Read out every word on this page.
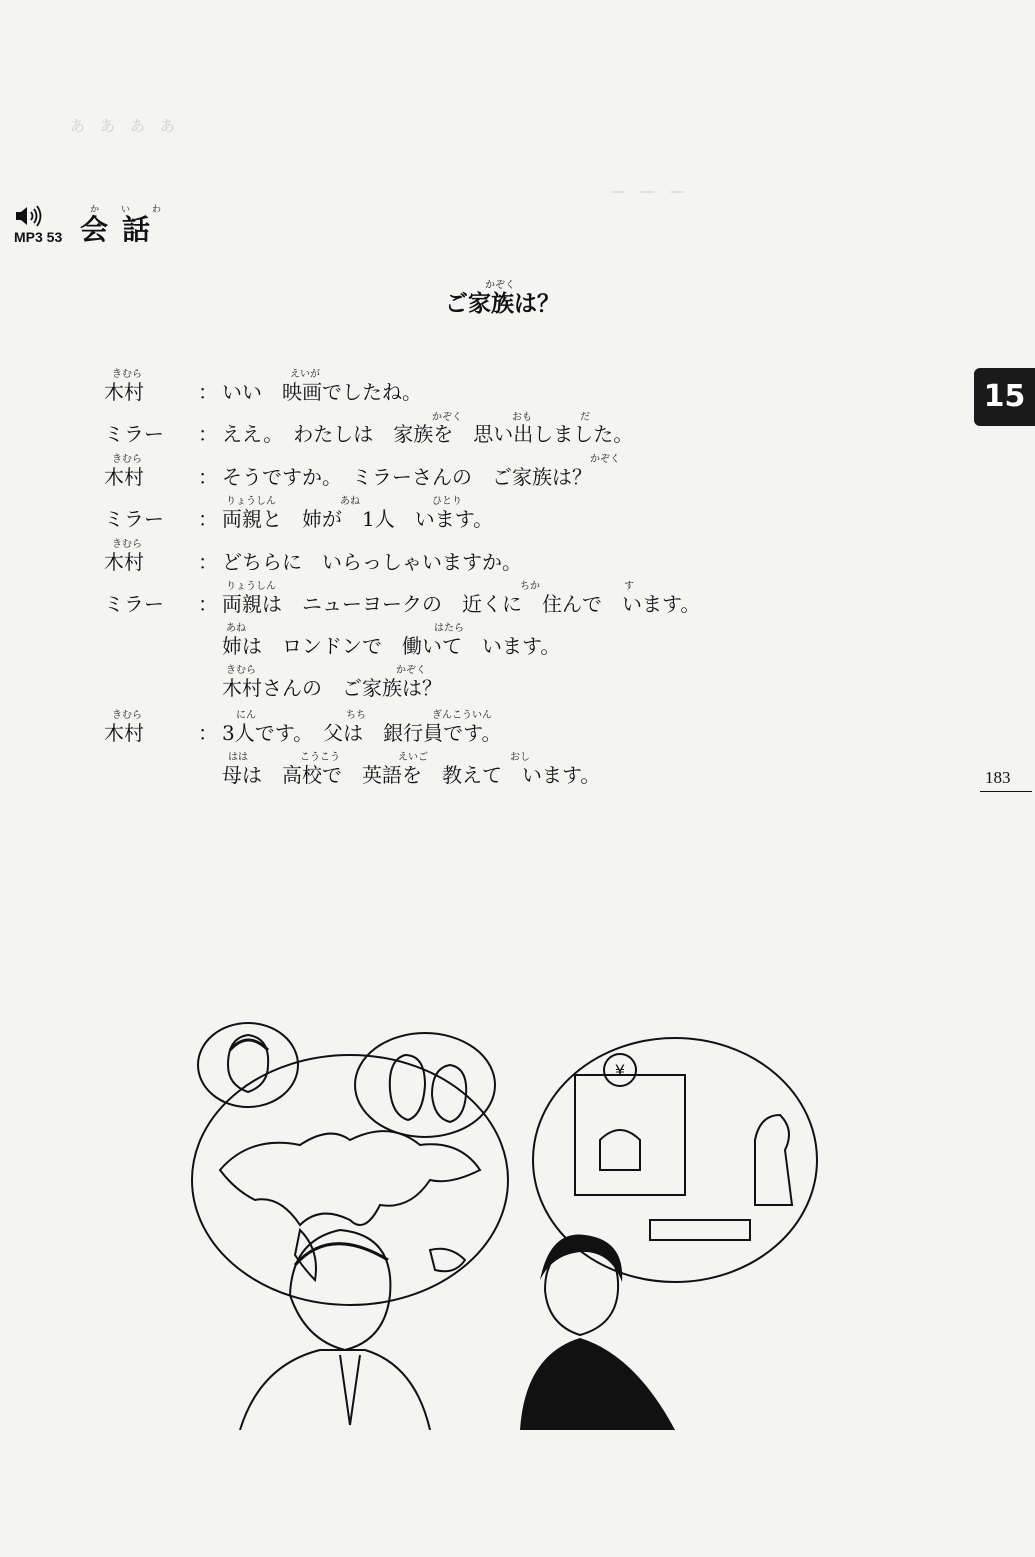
あ　あ　あ　あ
—　—　—
MP3 53
かいわ
会話
かぞく
ご家族は？
15
183
きむら	えいが
かぞく	おも	だ
きむら	かぞく
りょうしん	あね	ひとり
きむら
りょうしん	ちか	す
あね	はたら
きむら	かぞく
きむら	にん	ちち	ぎんこういん
はは	こうこう	えいご	おし
木村	： いい　映画でしたね。
ミラー ： ええ。　わたしは　家族を　思い出しました。
木村	： そうですか。　ミラーさんの　ご家族は？
ミラー ： 両親と　姉が　1人　います。
木村	： どちらに　いらっしゃいますか。
ミラー ： 両親は　ニューヨークの　近くに　住んで　います。
姉は　ロンドンで　働いて　います。
木村さんの　ご家族は？
木村	： 3人です。　父は　銀行員です。
母は　高校で　英語を　教えて　います。
¥
